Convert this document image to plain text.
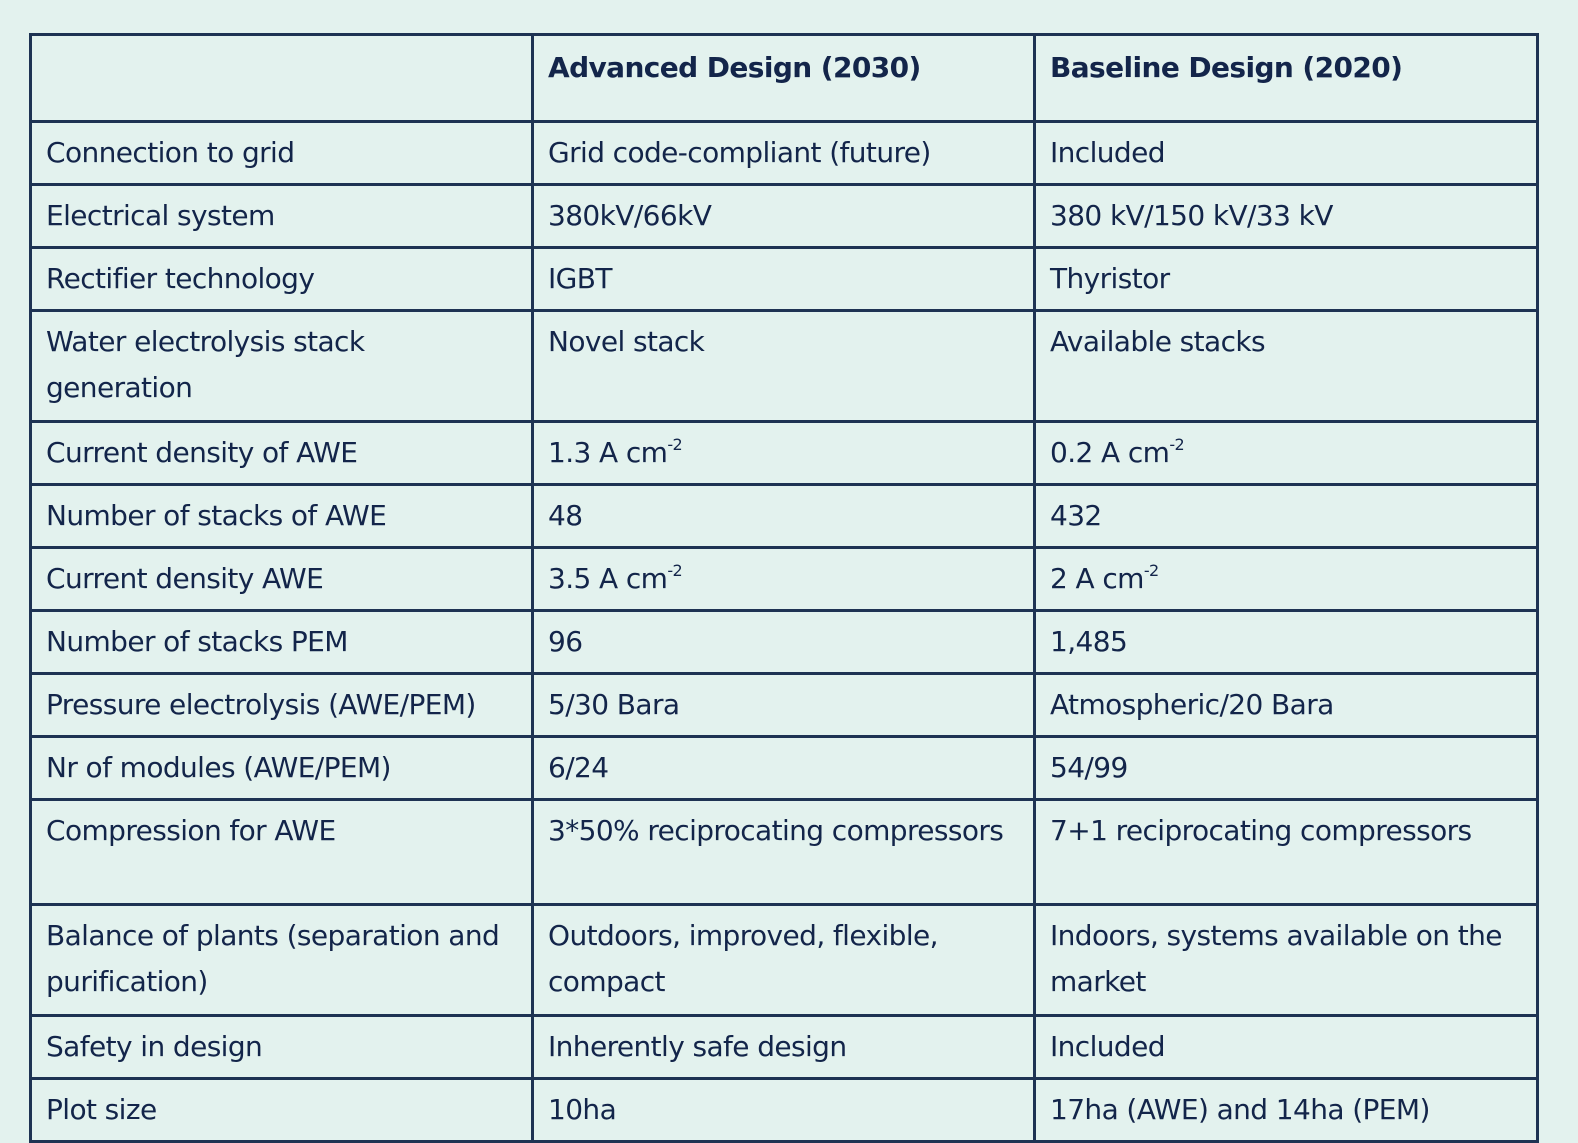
	Advanced Design (2030)	Baseline Design (2020)
Connection to grid	Grid code-compliant (future)	Included
Electrical system	380kV/66kV	380 kV/150 kV/33 kV
Rectifier technology	IGBT	Thyristor
Water electrolysis stack generation	Novel stack	Available stacks
Current density of AWE	1.3 A $cm^{-2}$	0.2 A $cm^{-2}$
Number of stacks of AWE	48	432
Current density AWE	3.5 A $cm^{-2}$	2 A $cm^{-2}$
Number of stacks PEM	96	1,485
Pressure electrolysis (AWE/PEM)	5/30 Bara	Atmospheric/20 Bara
Nr of modules (AWE/PEM)	6/24	54/99
Compression for AWE	3*50% reciprocating compressors	7+1 reciprocating compressors
Balance of plants (separation and purification)	Outdoors, improved, flexible, compact	Indoors, systems available on the market
Safety in design	Inherently safe design	Included
Plot size	10ha	17ha (AWE) and 14ha (PEM)
